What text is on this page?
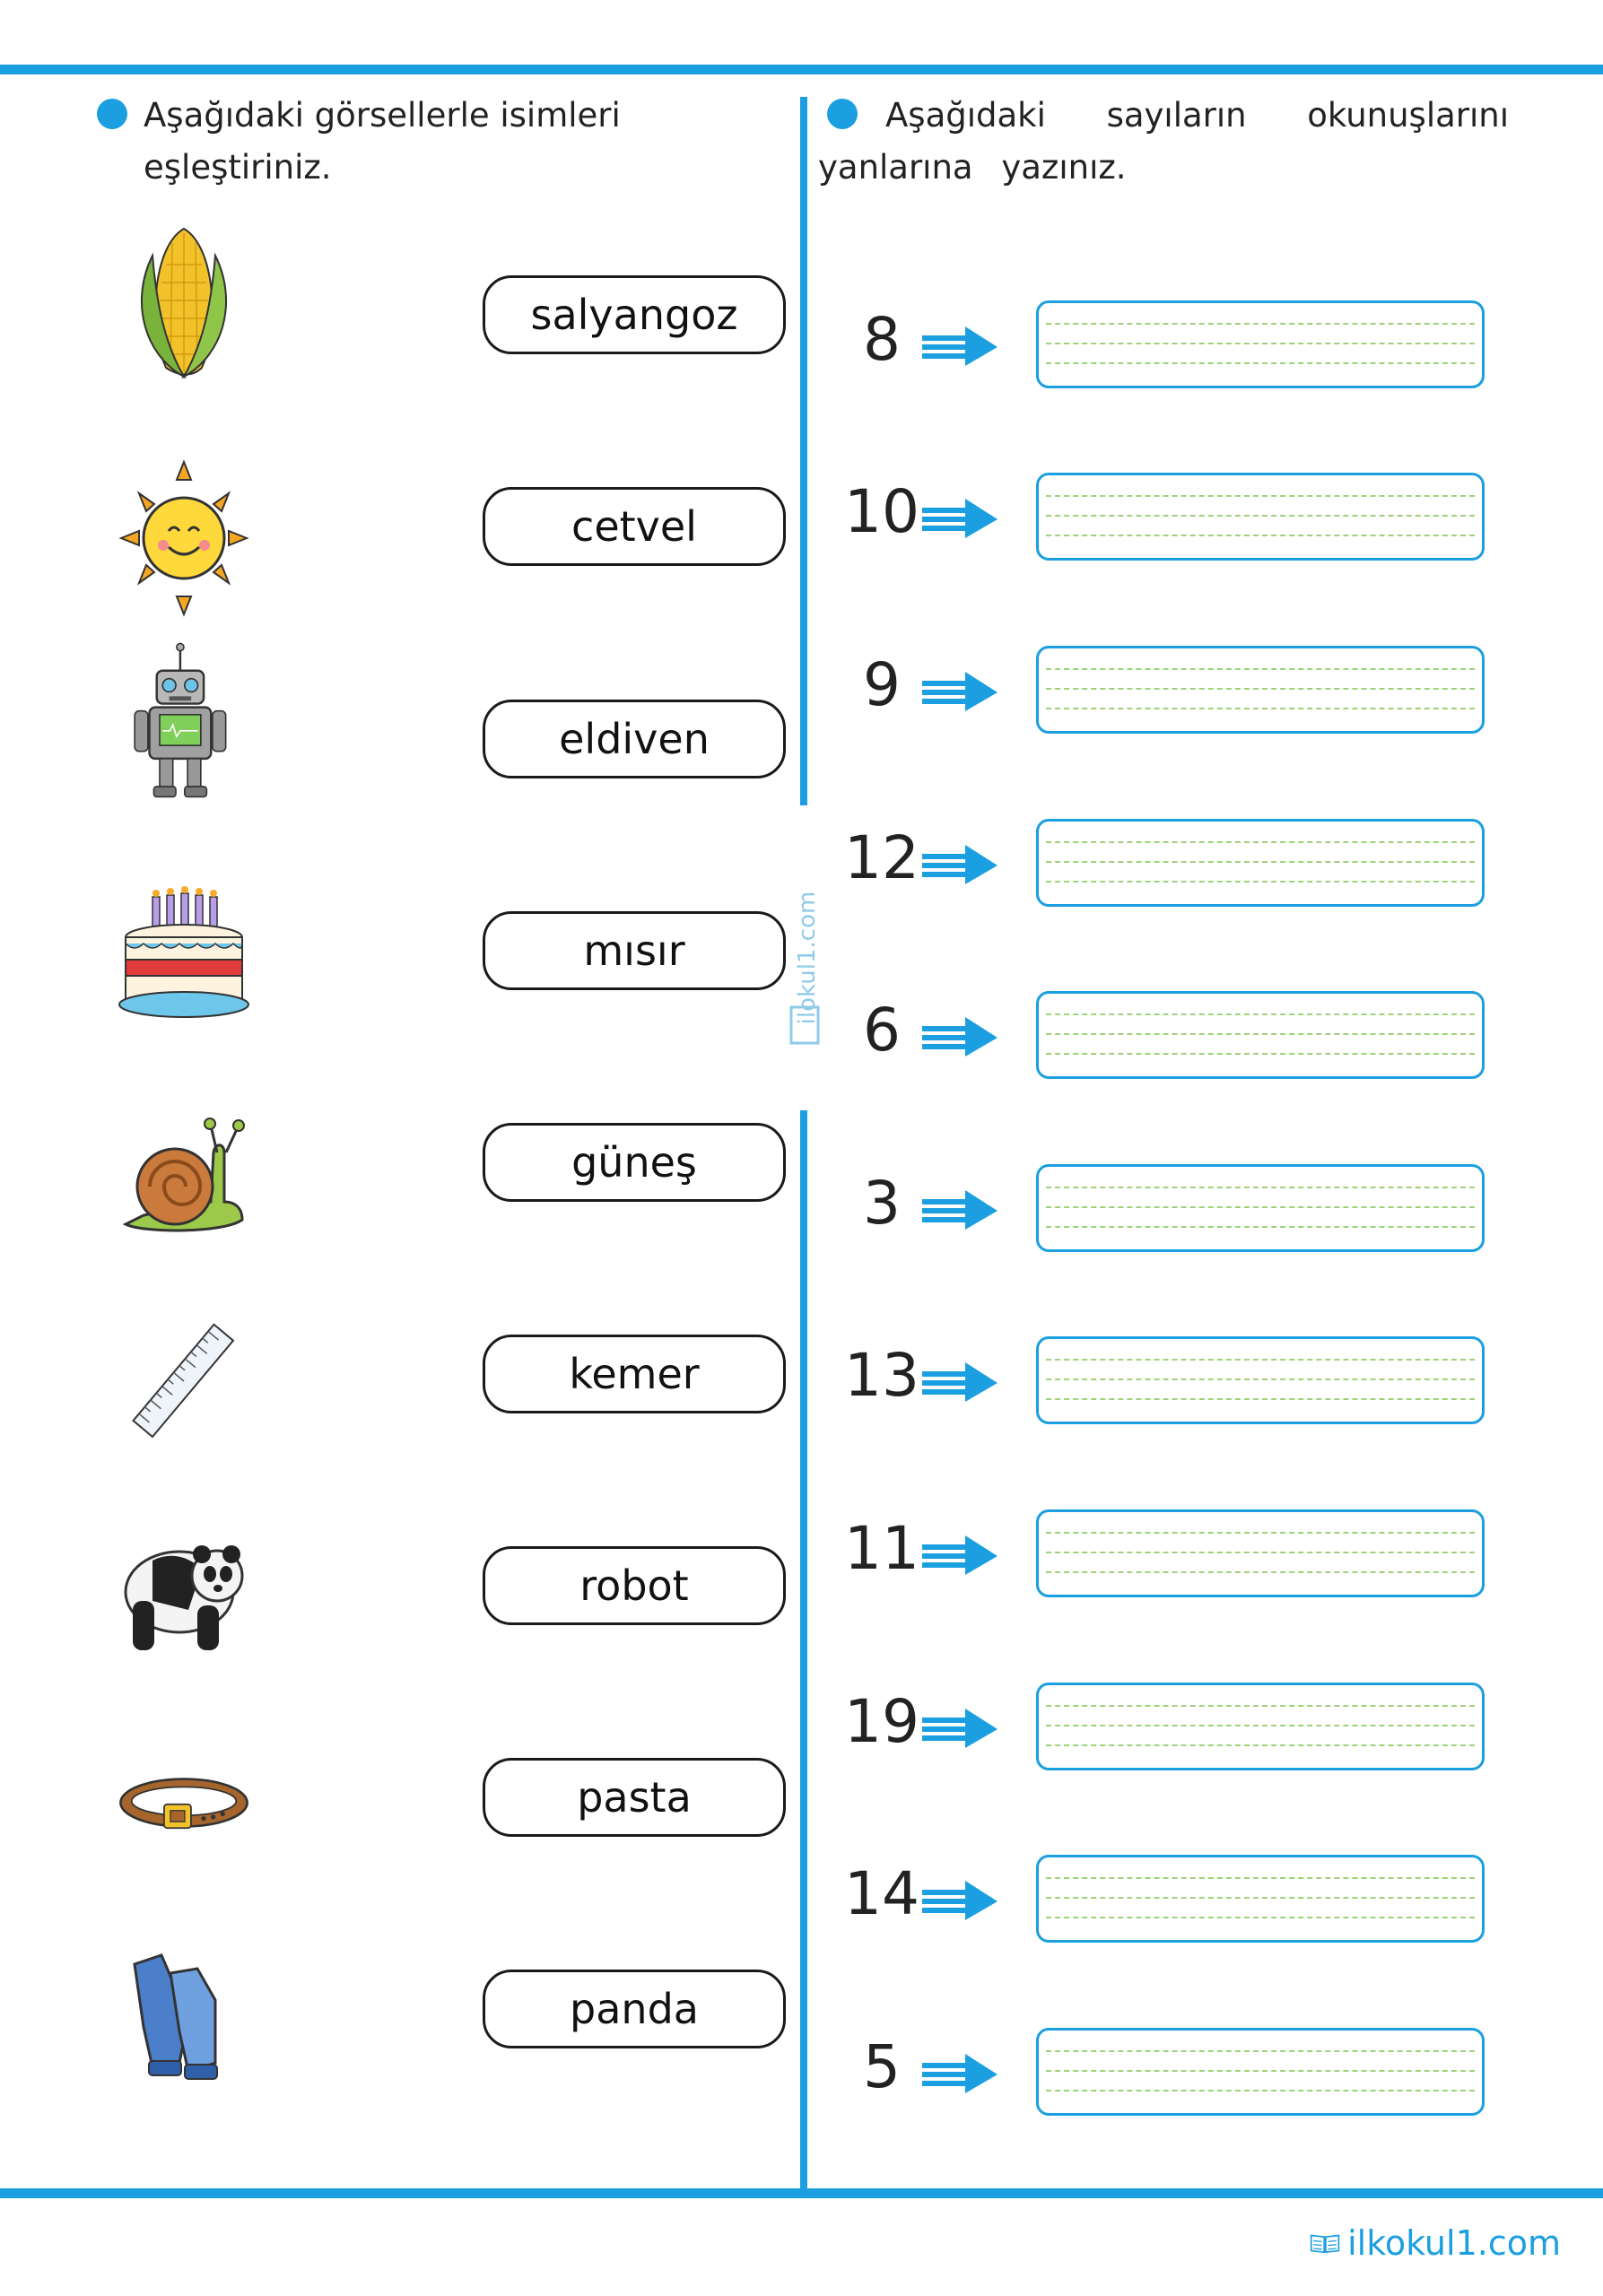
Aşağıdaki görsellerle isimleri eşleştiriniz.
Aşağıdaki sayıların okunuşlarını yanlarına yazınız.
salyangoz
cetvel
eldiven
mısır
güneş
kemer
robot
pasta
panda
8
10
9
12
6
3
13
11
19
14
5
ilokul1.com
ilkokul1.com
